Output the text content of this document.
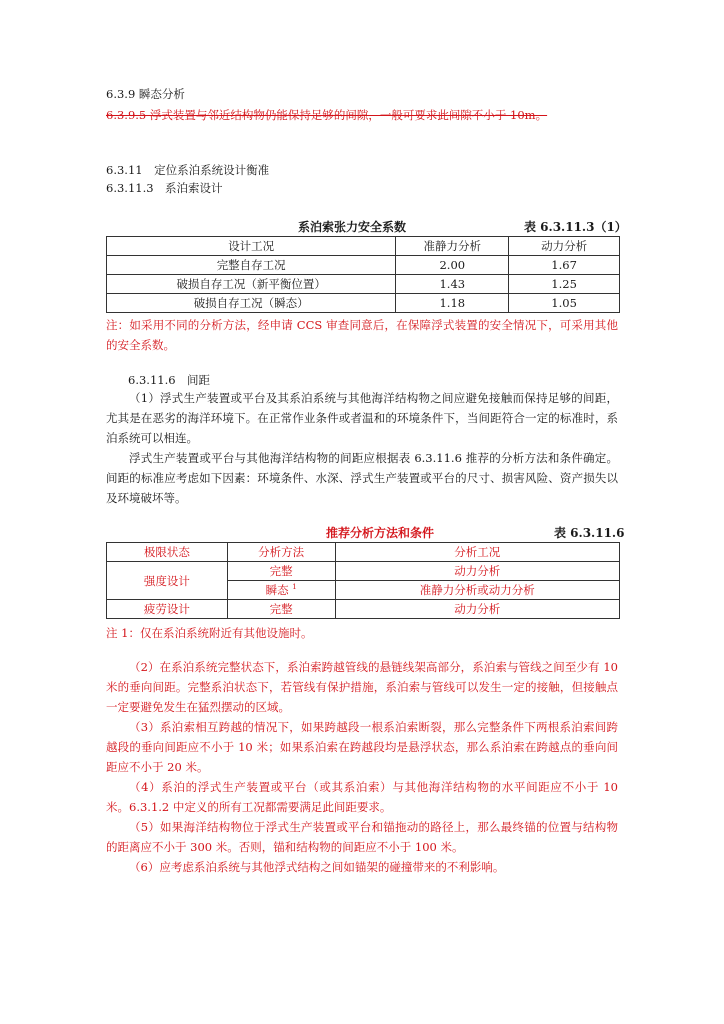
6.3.9 瞬态分析
6.3.9.5 浮式装置与邻近结构物仍能保持足够的间隙，一般可要求此间隙不小于 10m。
6.3.11　定位系泊系统设计衡准
6.3.11.3　系泊索设计
系泊索张力安全系数	表 6.3.11.3（1）
设计工况	准静力分析	动力分析
完整自存工况	2.00	1.67
破损自存工况（新平衡位置）	1.43	1.25
破损自存工况（瞬态）	1.18	1.05
注：如采用不同的分析方法，经申请 CCS 审查同意后，在保障浮式装置的安全情况下，可采用其他的安全系数。
6.3.11.6　间距
（1）浮式生产装置或平台及其系泊系统与其他海洋结构物之间应避免接触而保持足够的间距，尤其是在恶劣的海洋环境下。在正常作业条件或者温和的环境条件下，当间距符合一定的标准时，系泊系统可以相连。
浮式生产装置或平台与其他海洋结构物的间距应根据表 6.3.11.6 推荐的分析方法和条件确定。间距的标准应考虑如下因素：环境条件、水深、浮式生产装置或平台的尺寸、损害风险、资产损失以及环境破坏等。
推荐分析方法和条件	表 6.3.11.6
极限状态	分析方法	分析工况
强度设计	完整	动力分析
	瞬态 $^1$	准静力分析或动力分析
疲劳设计	完整	动力分析
注 1：仅在系泊系统附近有其他设施时。
（2）在系泊系统完整状态下，系泊索跨越管线的悬链线架高部分，系泊索与管线之间至少有 10 米的垂向间距。完整系泊状态下，若管线有保护措施，系泊索与管线可以发生一定的接触，但接触点一定要避免发生在猛烈摆动的区域。
（3）系泊索相互跨越的情况下，如果跨越段一根系泊索断裂，那么完整条件下两根系泊索间跨越段的垂向间距应不小于 10 米；如果系泊索在跨越段均是悬浮状态，那么系泊索在跨越点的垂向间距应不小于 20 米。
（4）系泊的浮式生产装置或平台（或其系泊索）与其他海洋结构物的水平间距应不小于 10 米。6.3.1.2 中定义的所有工况都需要满足此间距要求。
（5）如果海洋结构物位于浮式生产装置或平台和锚拖动的路径上，那么最终锚的位置与结构物的距离应不小于 300 米。否则，锚和结构物的间距应不小于 100 米。
（6）应考虑系泊系统与其他浮式结构之间如锚架的碰撞带来的不利影响。
